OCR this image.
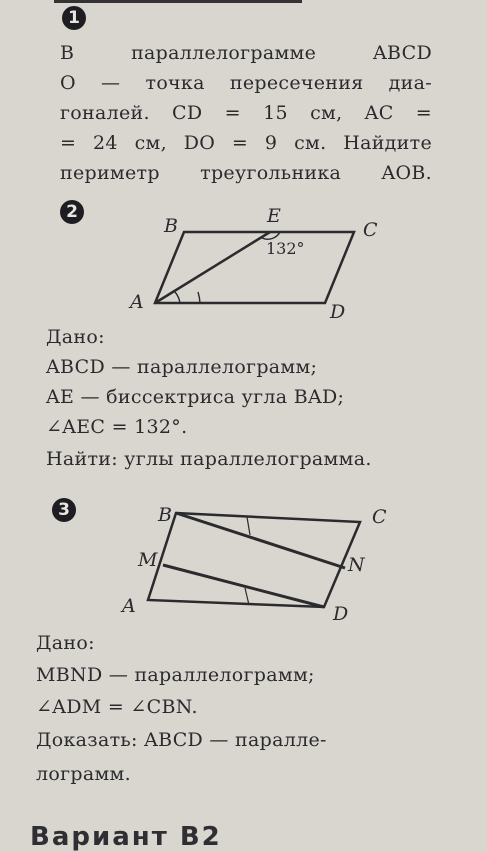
1
В параллелограмме ABCD
O — точка пересечения диа-
гоналей. CD = 15 см, AC =
= 24 см, DO = 9 см. Найдите
периметр треугольника AOB.
2
B	E
C
A	D
132°
B	C
M	N
A	D
Дано:
ABCD — параллелограмм;
AE — биссектриса угла BAD;
∠AEC = 132°.
Найти: углы параллелограмма.
3
Дано:
MBND — параллелограмм;
∠ADM = ∠CBN.
Доказать: ABCD — паралле-
лограмм.
Вариант В2
